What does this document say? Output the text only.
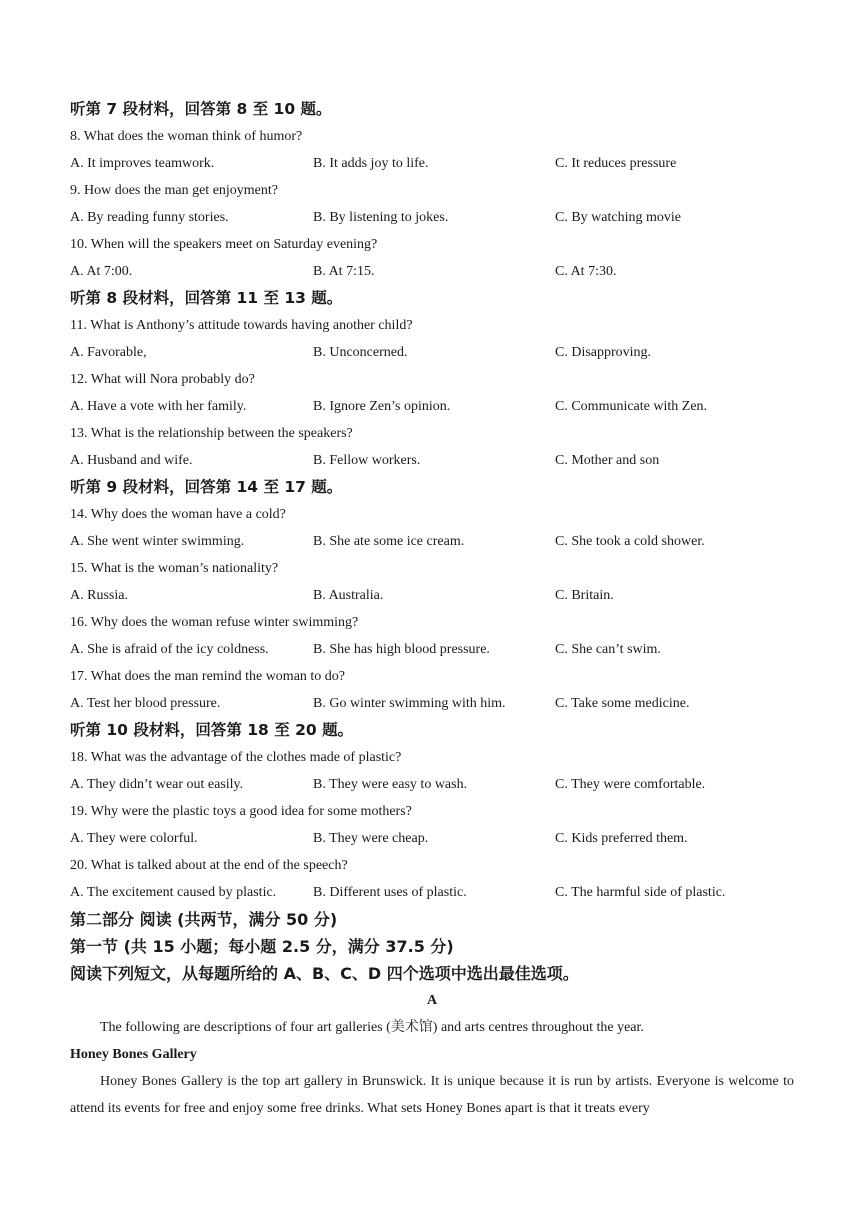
听第 7 段材料，回答第 8 至 10 题。
8. What does the woman think of humor?
A. It improves teamwork.	B. It adds joy to life.	C. It reduces pressure
9. How does the man get enjoyment?
A. By reading funny stories.	B. By listening to jokes.	C. By watching movie
10. When will the speakers meet on Saturday evening?
A. At 7:00.	B. At 7:15.	C. At 7:30.
听第 8 段材料，回答第 11 至 13 题。
11. What is Anthony’s attitude towards having another child?
A. Favorable,	B. Unconcerned.	C. Disapproving.
12. What will Nora probably do?
A. Have a vote with her family.	B. Ignore Zen’s opinion.	C. Communicate with Zen.
13. What is the relationship between the speakers?
A. Husband and wife.	B. Fellow workers.	C. Mother and son
听第 9 段材料，回答第 14 至 17 题。
14. Why does the woman have a cold?
A. She went winter swimming.	B. She ate some ice cream.	C. She took a cold shower.
15. What is the woman’s nationality?
A. Russia.	B. Australia.	C. Britain.
16. Why does the woman refuse winter swimming?
A. She is afraid of the icy coldness.	B. She has high blood pressure.	C. She can’t swim.
17. What does the man remind the woman to do?
A. Test her blood pressure.	B. Go winter swimming with him.	C. Take some medicine.
听第 10 段材料，回答第 18 至 20 题。
18. What was the advantage of the clothes made of plastic?
A. They didn’t wear out easily.	B. They were easy to wash.	C. They were comfortable.
19. Why were the plastic toys a good idea for some mothers?
A. They were colorful.	B. They were cheap.	C. Kids preferred them.
20. What is talked about at the end of the speech?
A. The excitement caused by plastic.	B. Different uses of plastic.	C. The harmful side of plastic.
第二部分 阅读 (共两节，满分 50 分)
第一节 (共 15 小题；每小题 2.5 分，满分 37.5 分)
阅读下列短文，从每题所给的 A、B、C、D 四个选项中选出最佳选项。
A
The following are descriptions of four art galleries (美术馆) and arts centres throughout the year.
Honey Bones Gallery
Honey Bones Gallery is the top art gallery in Brunswick. It is unique because it is run by artists. Everyone is welcome to attend its events for free and enjoy some free drinks. What sets Honey Bones apart is that it treats every
